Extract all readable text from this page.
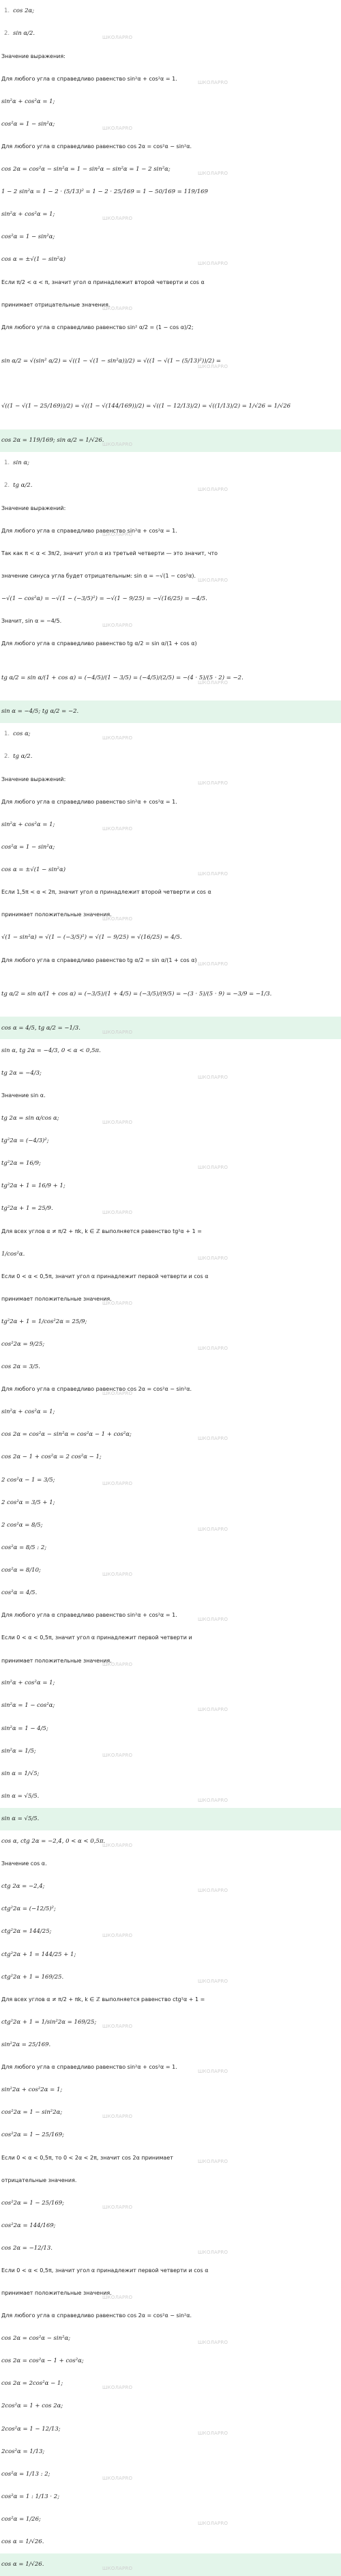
1. cos 2α;
2. sin α/2.
ШКОЛАPRO
Значение выражения:
Для любого угла α справедливо равенство sin²α + cos²α = 1.
ШКОЛАPRO
sin²α + cos²α = 1;
cos²α = 1 − sin²α;
ШКОЛАPRO
Для любого угла α справедливо равенство cos 2α = cos²α − sin²α.
cos 2α = cos²α − sin²α = 1 − sin²α − sin²α = 1 − 2 sin²α;
ШКОЛАPRO
1 − 2 sin²α = 1 − 2 · (5/13)² = 1 − 2 · 25/169 = 1 − 50/169 = 119/169
sin²α + cos²α = 1;
ШКОЛАPRO
cos²α = 1 − sin²α;
cos α = ±√(1 − sin²α)
ШКОЛАPRO
Если π/2 < α < π, значит угол α принадлежит второй четверти и cos α
принимает отрицательные значения.
ШКОЛАPRO
Для любого угла α справедливо равенство sin² α/2 = (1 − cos α)/2;
sin α/2 = √(sin² α/2) = √((1 − √(1 − sin²α))/2) = √((1 − √(1 − (5/13)²))/2) =
ШКОЛАPRO
√((1 − √(1 − 25/169))/2) = √((1 − √(144/169))/2) = √((1 − 12/13)/2) = √((1/13)/2) = 1/√26 = 1/√26
cos 2α = 119/169; sin α/2 = 1/√26.
ШКОЛАPRO
1. sin α;
2. tg α/2.
ШКОЛАPRO
Значение выражений:
Для любого угла α справедливо равенство sin²α + cos²α = 1.
ШКОЛАPRO
Так как π < α < 3π/2, значит угол α из третьей четверти — это значит, что
значение синуса угла будет отрицательным: sin α = −√(1 − cos²α).
ШКОЛАPRO
−√(1 − cos²α) = −√(1 − (−3/5)²) = −√(1 − 9/25) = −√(16/25) = −4/5.
Значит, sin α = −4/5.
ШКОЛАPRO
Для любого угла α справедливо равенство tg α/2 = sin α/(1 + cos α)
tg α/2 = sin α/(1 + cos α) = (−4/5)/(1 − 3/5) = (−4/5)/(2/5) = −(4 · 5)/(5 · 2) = −2.
ШКОЛАPRO
sin α = −4/5; tg α/2 = −2.
1. cos α;
ШКОЛАPRO
2. tg α/2.
Значение выражений:
ШКОЛАPRO
Для любого угла α справедливо равенство sin²α + cos²α = 1.
sin²α + cos²α = 1;
ШКОЛАPRO
cos²α = 1 − sin²α;
cos α = ±√(1 − sin²α)
ШКОЛАPRO
Если 1,5π < α < 2π, значит угол α принадлежит второй четверти и cos α
принимает положительные значения.
ШКОЛАPRO
√(1 − sin²α) = √(1 − (−3/5)²) = √(1 − 9/25) = √(16/25) = 4/5.
Для любого угла α справедливо равенство tg α/2 = sin α/(1 + cos α)
ШКОЛАPRO
tg α/2 = sin α/(1 + cos α) = (−3/5)/(1 + 4/5) = (−3/5)/(9/5) = −(3 · 5)/(5 · 9) = −3/9 = −1/3.
cos α = 4/5, tg α/2 = −1/3.
ШКОЛАPRO
sin α, tg 2α = −4/3, 0 < α < 0,5π.
tg 2α = −4/3;
ШКОЛАPRO
Значение sin α.
tg 2α = sin α/cos α;
ШКОЛАPRO
tg²2α = (−4/3)²;
tg²2α = 16/9;
ШКОЛАPRO
tg²2α + 1 = 16/9 + 1;
tg²2α + 1 = 25/9.
ШКОЛАPRO
Для всех углов α ≠ π/2 + πk, k ∈ ℤ выполняется равенство tg²α + 1 =
1/cos²α.
ШКОЛАPRO
Если 0 < α < 0,5π, значит угол α принадлежит первой четверти и cos α
принимает положительные значения.
ШКОЛАPRO
tg²2α + 1 = 1/cos²2α = 25/9;
cos²2α = 9/25;
ШКОЛАPRO
cos 2α = 3/5.
Для любого угла α справедливо равенство cos 2α = cos²α − sin²α.
ШКОЛАPRO
sin²α + cos²α = 1;
cos 2α = cos²α − sin²α = cos²α − 1 + cos²α;
ШКОЛАPRO
cos 2α − 1 + cos²α = 2 cos²α − 1;
2 cos²α − 1 = 3/5;
ШКОЛАPRO
2 cos²α = 3/5 + 1;
2 cos²α = 8/5;
ШКОЛАPRO
cos²α = 8/5 : 2;
cos²α = 8/10;
ШКОЛАPRO
cos²α = 4/5.
Для любого угла α справедливо равенство sin²α + cos²α = 1.
ШКОЛАPRO
Если 0 < α < 0,5π, значит угол α принадлежит первой четверти и
принимает положительные значения.
ШКОЛАPRO
sin²α + cos²α = 1;
sin²α = 1 − cos²α;
ШКОЛАPRO
sin²α = 1 − 4/5;
sin²α = 1/5;
ШКОЛАPRO
sin α = 1/√5;
sin α = √5/5.
ШКОЛАPRO
sin α = √5/5.
cos α, ctg 2α = −2,4, 0 < α < 0,5π.
ШКОЛАPRO
Значение cos α.
ctg 2α = −2,4;
ШКОЛАPRO
ctg²2α = (−12/5)²;
ctg²2α = 144/25;
ШКОЛАPRO
ctg²2α + 1 = 144/25 + 1;
ctg²2α + 1 = 169/25.
ШКОЛАPRO
Для всех углов α ≠ π/2 + πk, k ∈ ℤ выполняется равенство ctg²α + 1 =
ctg²2α + 1 = 1/sin²2α = 169/25;
ШКОЛАPRO
sin²2α = 25/169.
Для любого угла α справедливо равенство sin²α + cos²α = 1.
ШКОЛАPRO
sin²2α + cos²2α = 1;
cos²2α = 1 − sin²2α;
ШКОЛАPRO
cos²2α = 1 − 25/169;
Если 0 < α < 0,5π, то 0 < 2α < 2π, значит cos 2α принимает
ШКОЛАPRO
отрицательные значения.
cos²2α = 1 − 25/169;
ШКОЛАPRO
cos²2α = 144/169;
cos 2α = −12/13.
ШКОЛАPRO
Если 0 < α < 0,5π, значит угол α принадлежит первой четверти и cos α
принимает положительные значения.
ШКОЛАPRO
Для любого угла α справедливо равенство cos 2α = cos²α − sin²α.
cos 2α = cos²α − sin²α;
ШКОЛАPRO
cos 2α = cos²α − 1 + cos²α;
cos 2α = 2cos²α − 1;
ШКОЛАPRO
2cos²α = 1 + cos 2α;
2cos²α = 1 − 12/13;
ШКОЛАPRO
2cos²α = 1/13;
cos²α = 1/13 : 2;
ШКОЛАPRO
cos²α = 1 : 1/13 · 2;
cos²α = 1/26;
ШКОЛАPRO
cos α = 1/√26.
cos α = 1/√26.
ШКОЛАPRO
